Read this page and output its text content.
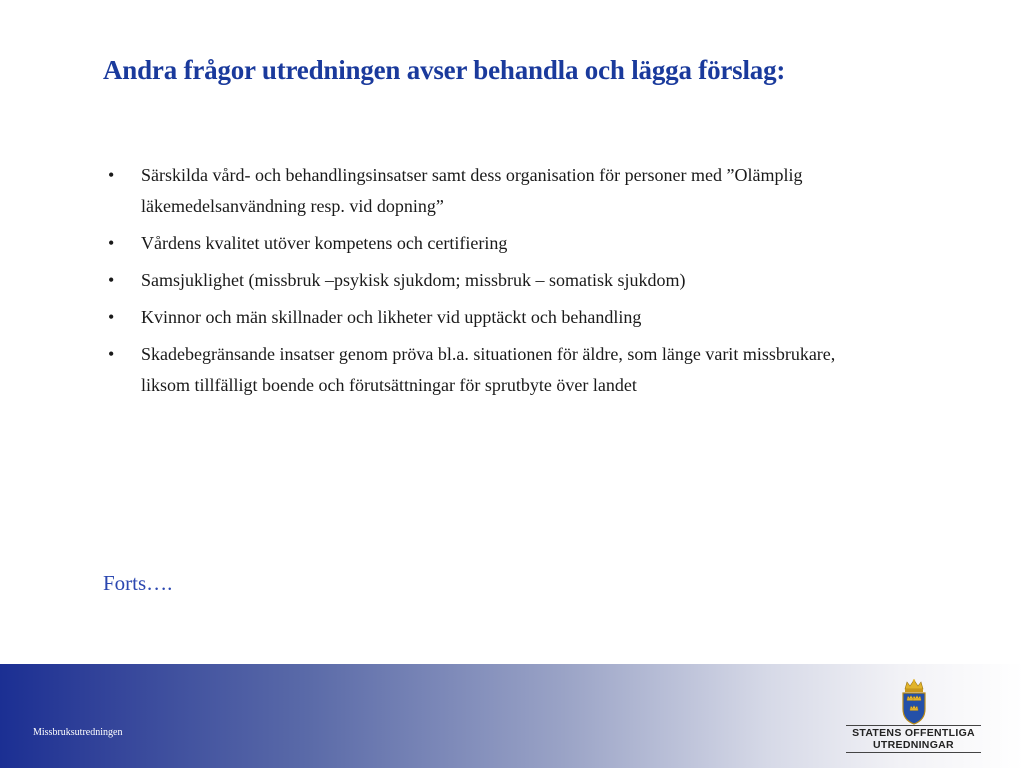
Andra frågor utredningen avser behandla och lägga förslag:
•	Särskilda vård- och behandlingsinsatser samt dess organisation för personer med ”Olämplig läkemedelsanvändning resp. vid dopning”
•	Vårdens kvalitet utöver kompetens och certifiering
•	Samsjuklighet (missbruk –psykisk sjukdom; missbruk – somatisk sjukdom)
•	Kvinnor och män skillnader och likheter vid upptäckt och behandling
•	Skadebegränsande insatser genom pröva bl.a. situationen för äldre, som länge varit missbrukare, liksom tillfälligt boende och förutsättningar för sprutbyte över landet
Forts….
Missbruksutredningen	STATENS OFFENTLIGA
UTREDNINGAR
